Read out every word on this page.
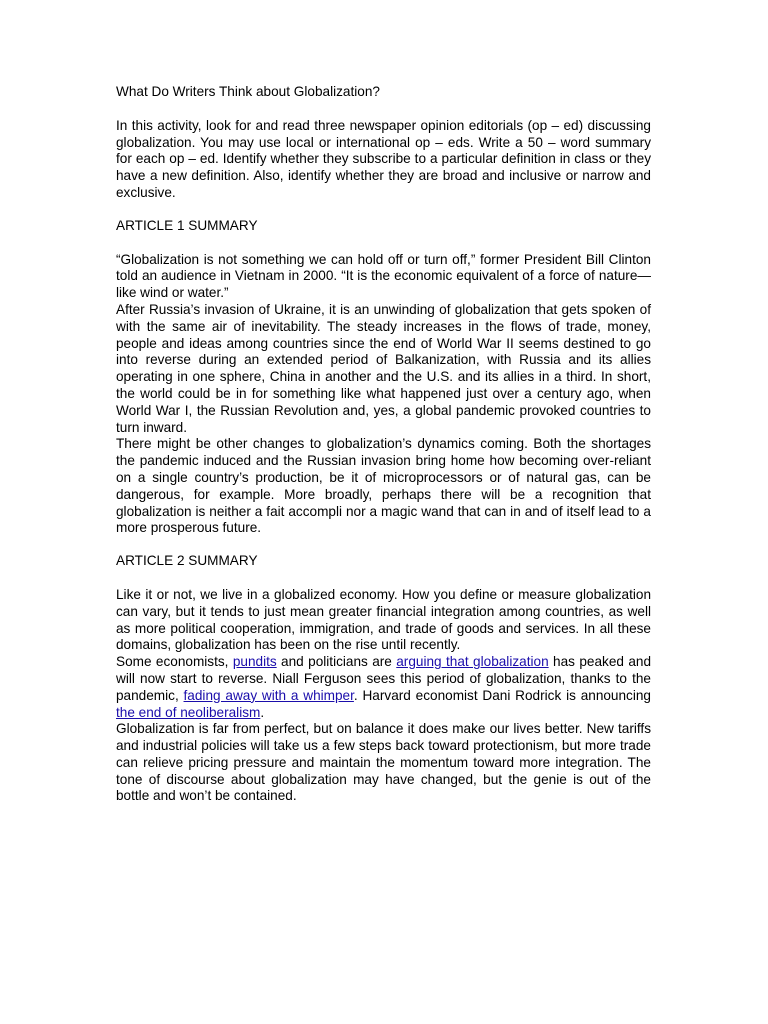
What Do Writers Think about Globalization?

In this activity, look for and read three newspaper opinion editorials (op – ed) discussing globalization. You may use local or international op – eds. Write a 50 – word summary for each op – ed. Identify whether they subscribe to a particular definition in class or they have a new definition. Also, identify whether they are broad and inclusive or narrow and exclusive.

ARTICLE 1 SUMMARY

“Globalization is not something we can hold off or turn off,” former President Bill Clinton told an audience in Vietnam in 2000. “It is the economic equivalent of a force of nature—like wind or water.”

After Russia’s invasion of Ukraine, it is an unwinding of globalization that gets spoken of with the same air of inevitability. The steady increases in the flows of trade, money, people and ideas among countries since the end of World War II seems destined to go into reverse during an extended period of Balkanization, with Russia and its allies operating in one sphere, China in another and the U.S. and its allies in a third. In short, the world could be in for something like what happened just over a century ago, when World War I, the Russian Revolution and, yes, a global pandemic provoked countries to turn inward.

There might be other changes to globalization’s dynamics coming. Both the shortages the pandemic induced and the Russian invasion bring home how becoming over-reliant on a single country’s production, be it of microprocessors or of natural gas, can be dangerous, for example. More broadly, perhaps there will be a recognition that globalization is neither a fait accompli nor a magic wand that can in and of itself lead to a more prosperous future.

ARTICLE 2 SUMMARY

Like it or not, we live in a globalized economy. How you define or measure globalization can vary, but it tends to just mean greater financial integration among countries, as well as more political cooperation, immigration, and trade of goods and services. In all these domains, globalization has been on the rise until recently.

Some economists, pundits and politicians are arguing that globalization has peaked and will now start to reverse. Niall Ferguson sees this period of globalization, thanks to the pandemic, fading away with a whimper. Harvard economist Dani Rodrick is announcing the end of neoliberalism.

Globalization is far from perfect, but on balance it does make our lives better. New tariffs and industrial policies will take us a few steps back toward protectionism, but more trade can relieve pricing pressure and maintain the momentum toward more integration. The tone of discourse about globalization may have changed, but the genie is out of the bottle and won’t be contained.
